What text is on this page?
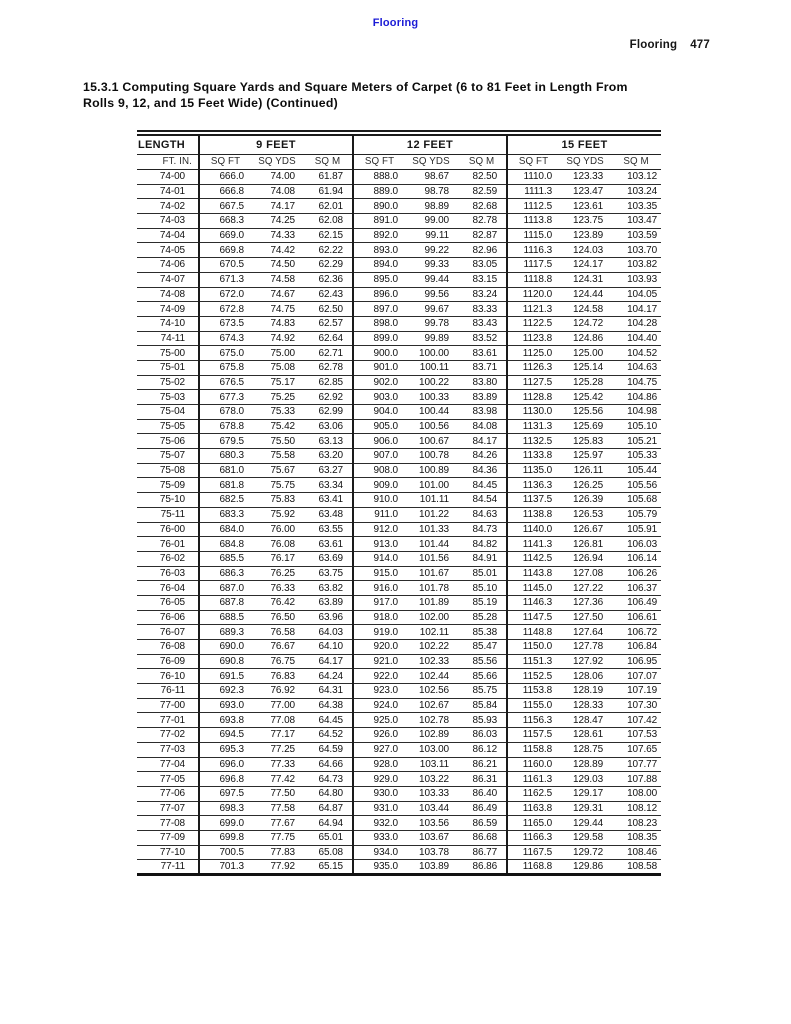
Flooring
Flooring 477
15.3.1 Computing Square Yards and Square Meters of Carpet (6 to 81 Feet in Length From
Rolls 9, 12, and 15 Feet Wide) (Continued)
LENGTH	9 FEET			12 FEET			15 FEET		
FT. IN.	SQ FT	SQ YDS	SQ M	SQ FT	SQ YDS	SQ M	SQ FT	SQ YDS	SQ M
74-00	666.0	74.00	61.87	888.0	98.67	82.50	1110.0	123.33	103.12
74-01	666.8	74.08	61.94	889.0	98.78	82.59	1111.3	123.47	103.24
74-02	667.5	74.17	62.01	890.0	98.89	82.68	1112.5	123.61	103.35
74-03	668.3	74.25	62.08	891.0	99.00	82.78	1113.8	123.75	103.47
74-04	669.0	74.33	62.15	892.0	99.11	82.87	1115.0	123.89	103.59
74-05	669.8	74.42	62.22	893.0	99.22	82.96	1116.3	124.03	103.70
74-06	670.5	74.50	62.29	894.0	99.33	83.05	1117.5	124.17	103.82
74-07	671.3	74.58	62.36	895.0	99.44	83.15	1118.8	124.31	103.93
74-08	672.0	74.67	62.43	896.0	99.56	83.24	1120.0	124.44	104.05
74-09	672.8	74.75	62.50	897.0	99.67	83.33	1121.3	124.58	104.17
74-10	673.5	74.83	62.57	898.0	99.78	83.43	1122.5	124.72	104.28
74-11	674.3	74.92	62.64	899.0	99.89	83.52	1123.8	124.86	104.40
75-00	675.0	75.00	62.71	900.0	100.00	83.61	1125.0	125.00	104.52
75-01	675.8	75.08	62.78	901.0	100.11	83.71	1126.3	125.14	104.63
75-02	676.5	75.17	62.85	902.0	100.22	83.80	1127.5	125.28	104.75
75-03	677.3	75.25	62.92	903.0	100.33	83.89	1128.8	125.42	104.86
75-04	678.0	75.33	62.99	904.0	100.44	83.98	1130.0	125.56	104.98
75-05	678.8	75.42	63.06	905.0	100.56	84.08	1131.3	125.69	105.10
75-06	679.5	75.50	63.13	906.0	100.67	84.17	1132.5	125.83	105.21
75-07	680.3	75.58	63.20	907.0	100.78	84.26	1133.8	125.97	105.33
75-08	681.0	75.67	63.27	908.0	100.89	84.36	1135.0	126.11	105.44
75-09	681.8	75.75	63.34	909.0	101.00	84.45	1136.3	126.25	105.56
75-10	682.5	75.83	63.41	910.0	101.11	84.54	1137.5	126.39	105.68
75-11	683.3	75.92	63.48	911.0	101.22	84.63	1138.8	126.53	105.79
76-00	684.0	76.00	63.55	912.0	101.33	84.73	1140.0	126.67	105.91
76-01	684.8	76.08	63.61	913.0	101.44	84.82	1141.3	126.81	106.03
76-02	685.5	76.17	63.69	914.0	101.56	84.91	1142.5	126.94	106.14
76-03	686.3	76.25	63.75	915.0	101.67	85.01	1143.8	127.08	106.26
76-04	687.0	76.33	63.82	916.0	101.78	85.10	1145.0	127.22	106.37
76-05	687.8	76.42	63.89	917.0	101.89	85.19	1146.3	127.36	106.49
76-06	688.5	76.50	63.96	918.0	102.00	85.28	1147.5	127.50	106.61
76-07	689.3	76.58	64.03	919.0	102.11	85.38	1148.8	127.64	106.72
76-08	690.0	76.67	64.10	920.0	102.22	85.47	1150.0	127.78	106.84
76-09	690.8	76.75	64.17	921.0	102.33	85.56	1151.3	127.92	106.95
76-10	691.5	76.83	64.24	922.0	102.44	85.66	1152.5	128.06	107.07
76-11	692.3	76.92	64.31	923.0	102.56	85.75	1153.8	128.19	107.19
77-00	693.0	77.00	64.38	924.0	102.67	85.84	1155.0	128.33	107.30
77-01	693.8	77.08	64.45	925.0	102.78	85.93	1156.3	128.47	107.42
77-02	694.5	77.17	64.52	926.0	102.89	86.03	1157.5	128.61	107.53
77-03	695.3	77.25	64.59	927.0	103.00	86.12	1158.8	128.75	107.65
77-04	696.0	77.33	64.66	928.0	103.11	86.21	1160.0	128.89	107.77
77-05	696.8	77.42	64.73	929.0	103.22	86.31	1161.3	129.03	107.88
77-06	697.5	77.50	64.80	930.0	103.33	86.40	1162.5	129.17	108.00
77-07	698.3	77.58	64.87	931.0	103.44	86.49	1163.8	129.31	108.12
77-08	699.0	77.67	64.94	932.0	103.56	86.59	1165.0	129.44	108.23
77-09	699.8	77.75	65.01	933.0	103.67	86.68	1166.3	129.58	108.35
77-10	700.5	77.83	65.08	934.0	103.78	86.77	1167.5	129.72	108.46
77-11	701.3	77.92	65.15	935.0	103.89	86.86	1168.8	129.86	108.58
